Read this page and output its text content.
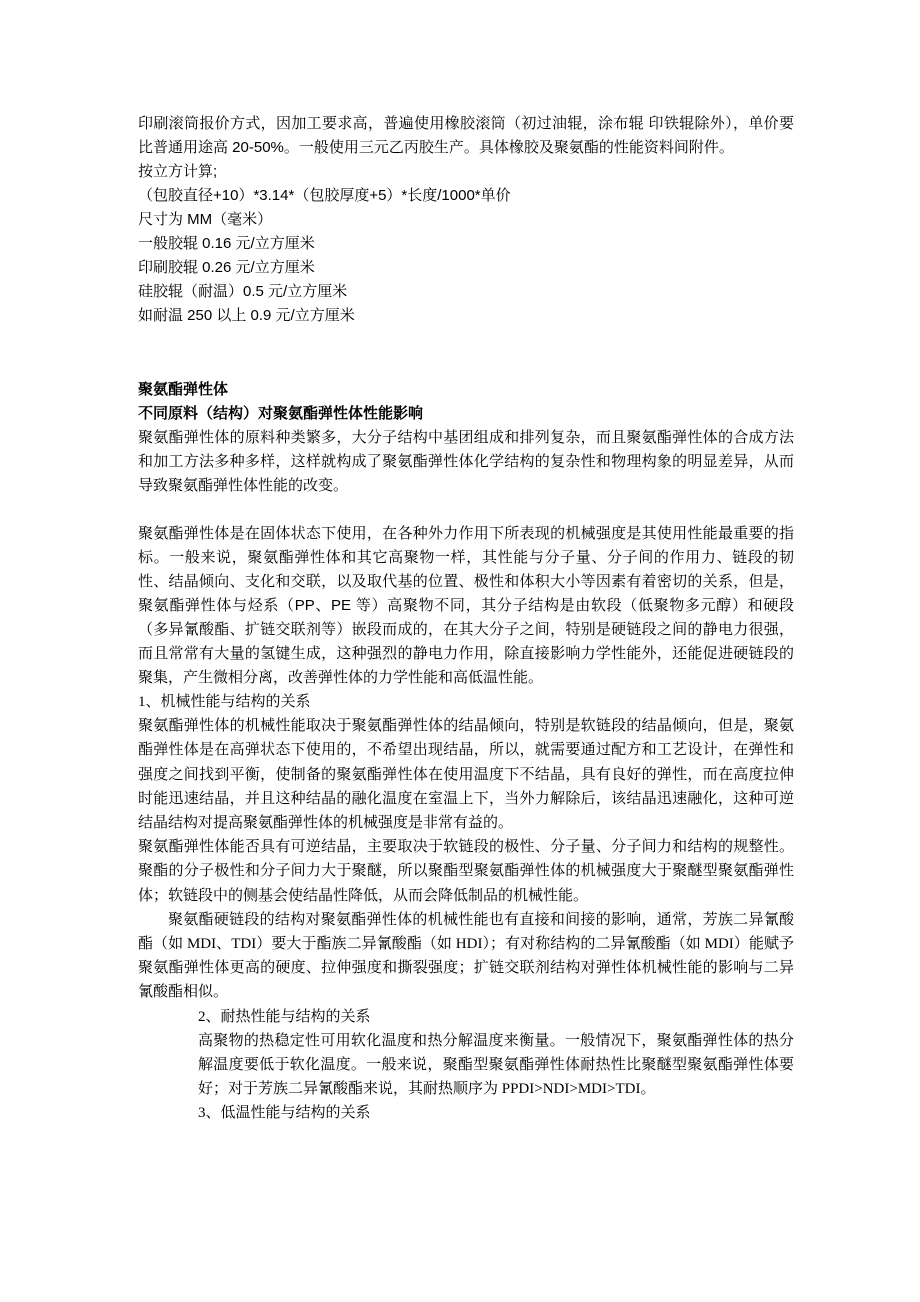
印刷滚筒报价方式，因加工要求高，普遍使用橡胶滚筒（初过油辊，涂布辊 印铁辊除外），单价要比普通用途高 20-50%。一般使用三元乙丙胶生产。具体橡胶及聚氨酯的性能资料间附件。

按立方计算;

（包胶直径+10）*3.14*（包胶厚度+5）*长度/1000*单价

尺寸为 MM（毫米）

一般胶辊 0.16 元/立方厘米

印刷胶辊 0.26 元/立方厘米

硅胶辊（耐温）0.5 元/立方厘米

如耐温 250 以上 0.9 元/立方厘米

聚氨酯弹性体

不同原料（结构）对聚氨酯弹性体性能影响

聚氨酯弹性体的原料种类繁多，大分子结构中基团组成和排列复杂，而且聚氨酯弹性体的合成方法和加工方法多种多样，这样就构成了聚氨酯弹性体化学结构的复杂性和物理构象的明显差异，从而导致聚氨酯弹性体性能的改变。

聚氨酯弹性体是在固体状态下使用，在各种外力作用下所表现的机械强度是其使用性能最重要的指标。一般来说，聚氨酯弹性体和其它高聚物一样，其性能与分子量、分子间的作用力、链段的韧性、结晶倾向、支化和交联，以及取代基的位置、极性和体积大小等因素有着密切的关系，但是，聚氨酯弹性体与烃系（PP、PE 等）高聚物不同，其分子结构是由软段（低聚物多元醇）和硬段（多异氰酸酯、扩链交联剂等）嵌段而成的，在其大分子之间，特别是硬链段之间的静电力很强，而且常常有大量的氢键生成，这种强烈的静电力作用，除直接影响力学性能外，还能促进硬链段的聚集，产生微相分离，改善弹性体的力学性能和高低温性能。

1、机械性能与结构的关系

聚氨酯弹性体的机械性能取决于聚氨酯弹性体的结晶倾向，特别是软链段的结晶倾向，但是，聚氨酯弹性体是在高弹状态下使用的，不希望出现结晶，所以，就需要通过配方和工艺设计，在弹性和强度之间找到平衡，使制备的聚氨酯弹性体在使用温度下不结晶，具有良好的弹性，而在高度拉伸时能迅速结晶，并且这种结晶的融化温度在室温上下，当外力解除后，该结晶迅速融化，这种可逆结晶结构对提高聚氨酯弹性体的机械强度是非常有益的。

聚氨酯弹性体能否具有可逆结晶，主要取决于软链段的极性、分子量、分子间力和结构的规整性。聚酯的分子极性和分子间力大于聚醚，所以聚酯型聚氨酯弹性体的机械强度大于聚醚型聚氨酯弹性体；软链段中的侧基会使结晶性降低，从而会降低制品的机械性能。

聚氨酯硬链段的结构对聚氨酯弹性体的机械性能也有直接和间接的影响，通常，芳族二异氰酸酯（如 MDI、TDI）要大于酯族二异氰酸酯（如 HDI）；有对称结构的二异氰酸酯（如 MDI）能赋予聚氨酯弹性体更高的硬度、拉伸强度和撕裂强度；扩链交联剂结构对弹性体机械性能的影响与二异氰酸酯相似。

2、耐热性能与结构的关系

高聚物的热稳定性可用软化温度和热分解温度来衡量。一般情况下，聚氨酯弹性体的热分解温度要低于软化温度。一般来说，聚酯型聚氨酯弹性体耐热性比聚醚型聚氨酯弹性体要好；对于芳族二异氰酸酯来说，其耐热顺序为 PPDI>NDI>MDI>TDI。

3、低温性能与结构的关系
